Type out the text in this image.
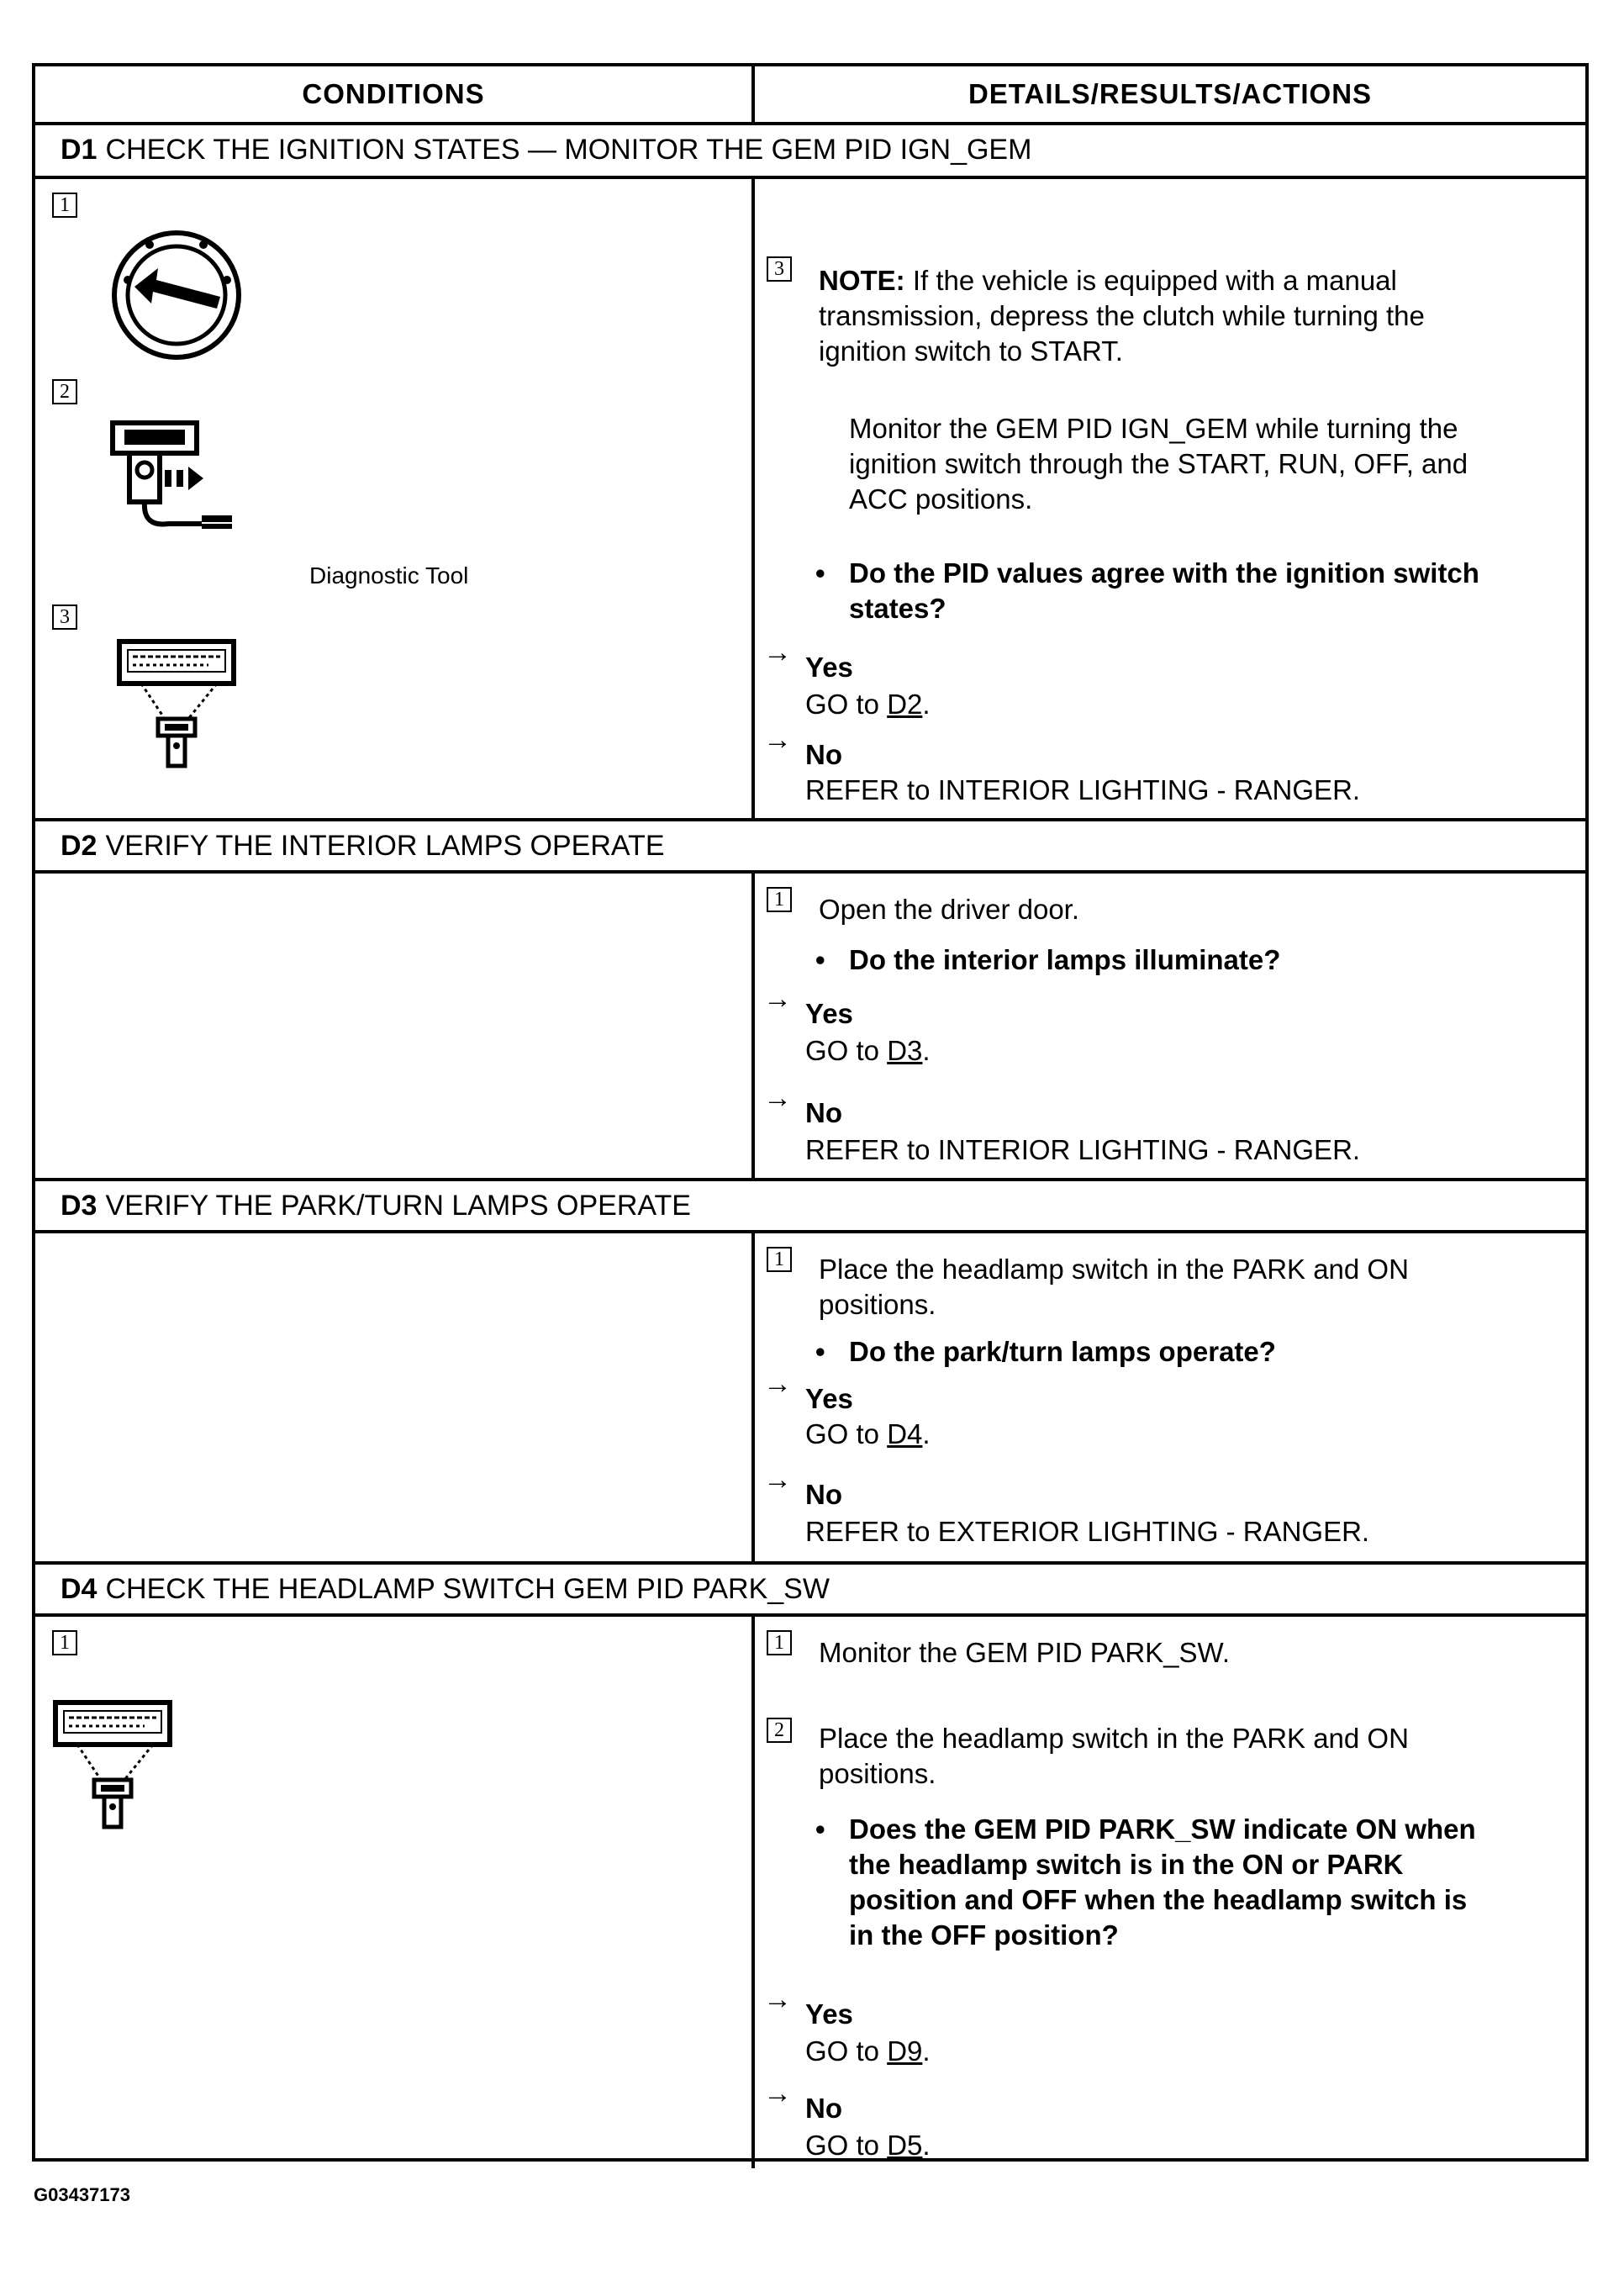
CONDITIONS	DETAILS/RESULTS/ACTIONS
D1 CHECK THE IGNITION STATES — MONITOR THE GEM PID IGN_GEM
D2 VERIFY THE INTERIOR LAMPS OPERATE
D3 VERIFY THE PARK/TURN LAMPS OPERATE
D4 CHECK THE HEADLAMP SWITCH GEM PID PARK_SW
1
2
Diagnostic Tool
3
3 NOTE: If the vehicle is equipped with a manual
transmission, depress the clutch while turning the
ignition switch to START.
Monitor the GEM PID IGN_GEM while turning the
ignition switch through the START, RUN, OFF, and
ACC positions.
• Do the PID values agree with the ignition switch
states?
→ Yes
GO to D2.
→ No
REFER to INTERIOR LIGHTING - RANGER.
1 Open the driver door.
• Do the interior lamps illuminate?
→ Yes
GO to D3.
→ No
REFER to INTERIOR LIGHTING - RANGER.
1 Place the headlamp switch in the PARK and ON
positions.
• Do the park/turn lamps operate?
→ Yes
GO to D4.
→ No
REFER to EXTERIOR LIGHTING - RANGER.
1	1 Monitor the GEM PID PARK_SW.
2 Place the headlamp switch in the PARK and ON
positions.
• Does the GEM PID PARK_SW indicate ON when
the headlamp switch is in the ON or PARK
position and OFF when the headlamp switch is
in the OFF position?
→ Yes
GO to D9.
→ No
GO to D5.
G03437173
